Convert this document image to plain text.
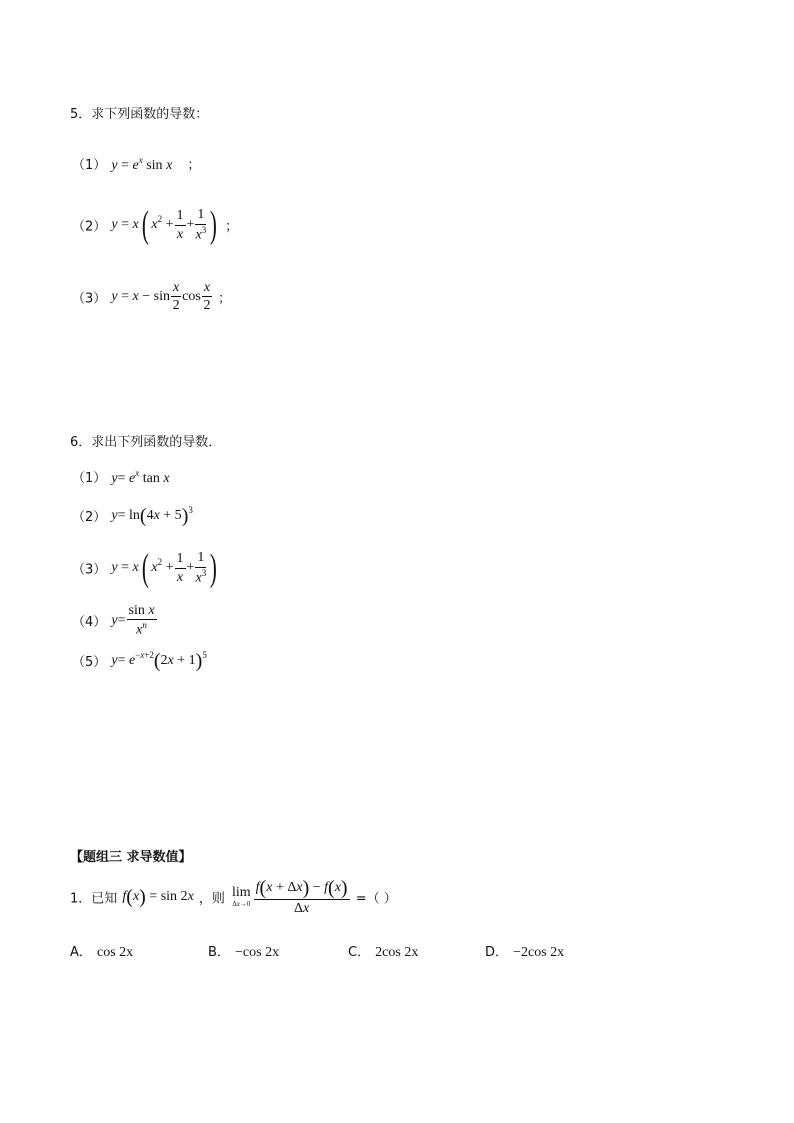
5．求下列函数的导数：
（1） $y = e^x$ sin x ；
（2） y = x( $x^2 + \frac{1}{x} + \frac{1}{x^3}$ ) ；
（3） $y = x - \sin \frac{x}{2}$ $\cos \frac{x}{2}$ ；
6．求出下列函数的导数．
（1） $y= e^x$ tan x
（2） $y= \ln(4x + 5)^3$
（3） y = x( $x^2 + \frac{1}{x} + \frac{1}{x^3}$ )
（4） $y= \frac{\text{sin x}}{x^n}$
（5） $y= e^{-x+2}(2x + 1)^5$
【题组三 求导数值】
1．已知 f(x) = sin 2x ，则 lim
$\Delta x\to 0 \frac{f(x + \Delta x) - f(x)}{\Delta x}$ =（ ）
A． cos 2x	B． −cos 2x	C． 2cos 2x	D． −2cos 2x
